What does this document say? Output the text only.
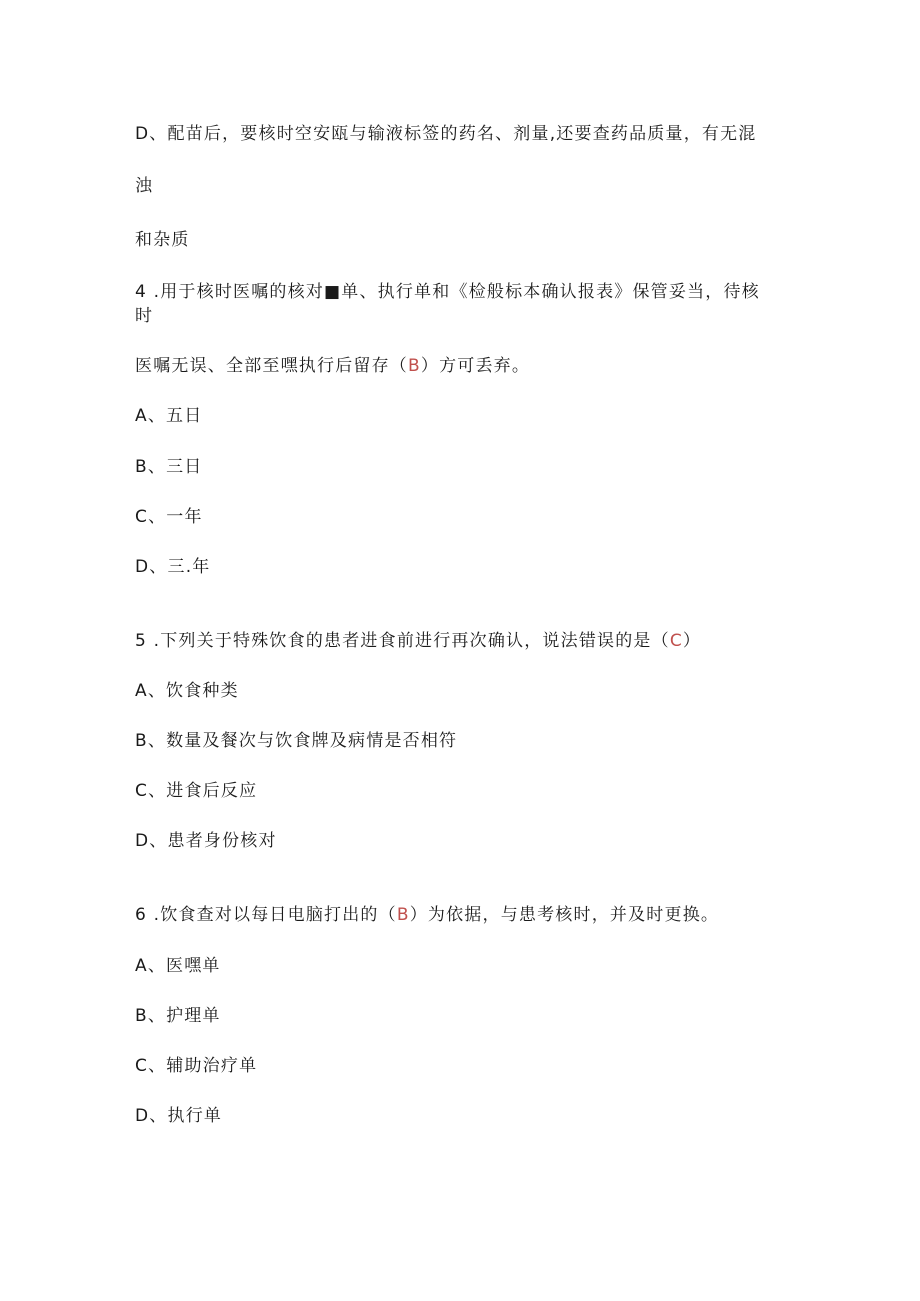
D、配苗后，要核时空安瓯与输液标签的药名、剂量,还要查药品质量，有无混
浊
和杂质
4 .用于核时医嘱的核对■单、执行单和《检般标本确认报表》保管妥当，待核
时
医嘱无误、全部至嘿执行后留存（B）方可丢弃。
A、五日
B、三日
C、一年
D、三.年
5 .下列关于特殊饮食的患者进食前进行再次确认，说法错误的是（C）
A、饮食种类
B、数量及餐次与饮食牌及病情是否相符
C、进食后反应
D、患者身份核对
6 .饮食查对以每日电脑打出的（B）为依据，与患考核时，并及时更换。
A、医嘿单
B、护理单
C、辅助治疗单
D、执行单
